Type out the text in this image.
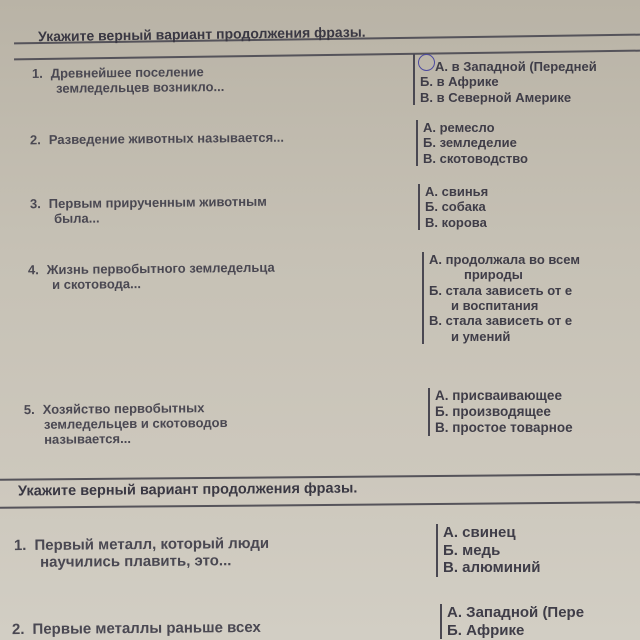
Укажите верный вариант продолжения фразы.
1. Древнейшее поселение
земледельцев возникло...
А. в Западной (Передней
Б. в Африке
В. в Северной Америке
2. Разведение животных называется...
А. ремесло
Б. земледелие
В. скотоводство
3. Первым прирученным животным
была...
А. свинья
Б. собака
В. корова
4. Жизнь первобытного земледельца
и скотовода...
А. продолжала во всем
природы
Б. стала зависеть от е
и воспитания
В. стала зависеть от е
и умений
5. Хозяйство первобытных
земледельцев и скотоводов
называется...
А. присваивающее
Б. производящее
В. простое товарное
Укажите верный вариант продолжения фразы.
1. Первый металл, который люди
научились плавить, это...
А. свинец
Б. медь
В. алюминий
2. Первые металлы раньше всех
А. Западной (Пере
Б. Африке
